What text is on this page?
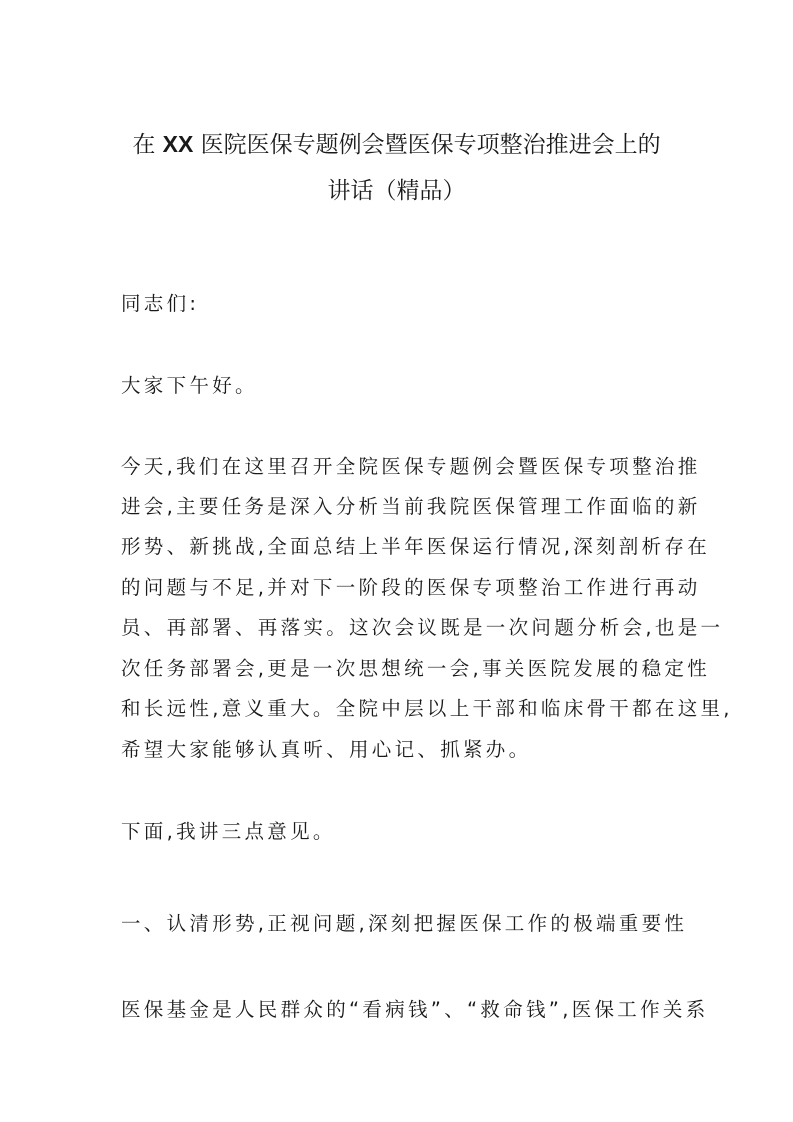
在 XX 医院医保专题例会暨医保专项整治推进会上的
讲话（精品）
同志们:
大家下午好。
今天,我们在这里召开全院医保专题例会暨医保专项整治推
进会,主要任务是深入分析当前我院医保管理工作面临的新
形势、新挑战,全面总结上半年医保运行情况,深刻剖析存在
的问题与不足,并对下一阶段的医保专项整治工作进行再动
员、再部署、再落实。这次会议既是一次问题分析会,也是一
次任务部署会,更是一次思想统一会,事关医院发展的稳定性
和长远性,意义重大。全院中层以上干部和临床骨干都在这里,
希望大家能够认真听、用心记、抓紧办。
下面,我讲三点意见。
一、认清形势,正视问题,深刻把握医保工作的极端重要性
医保基金是人民群众的“看病钱”、“救命钱”,医保工作关系
